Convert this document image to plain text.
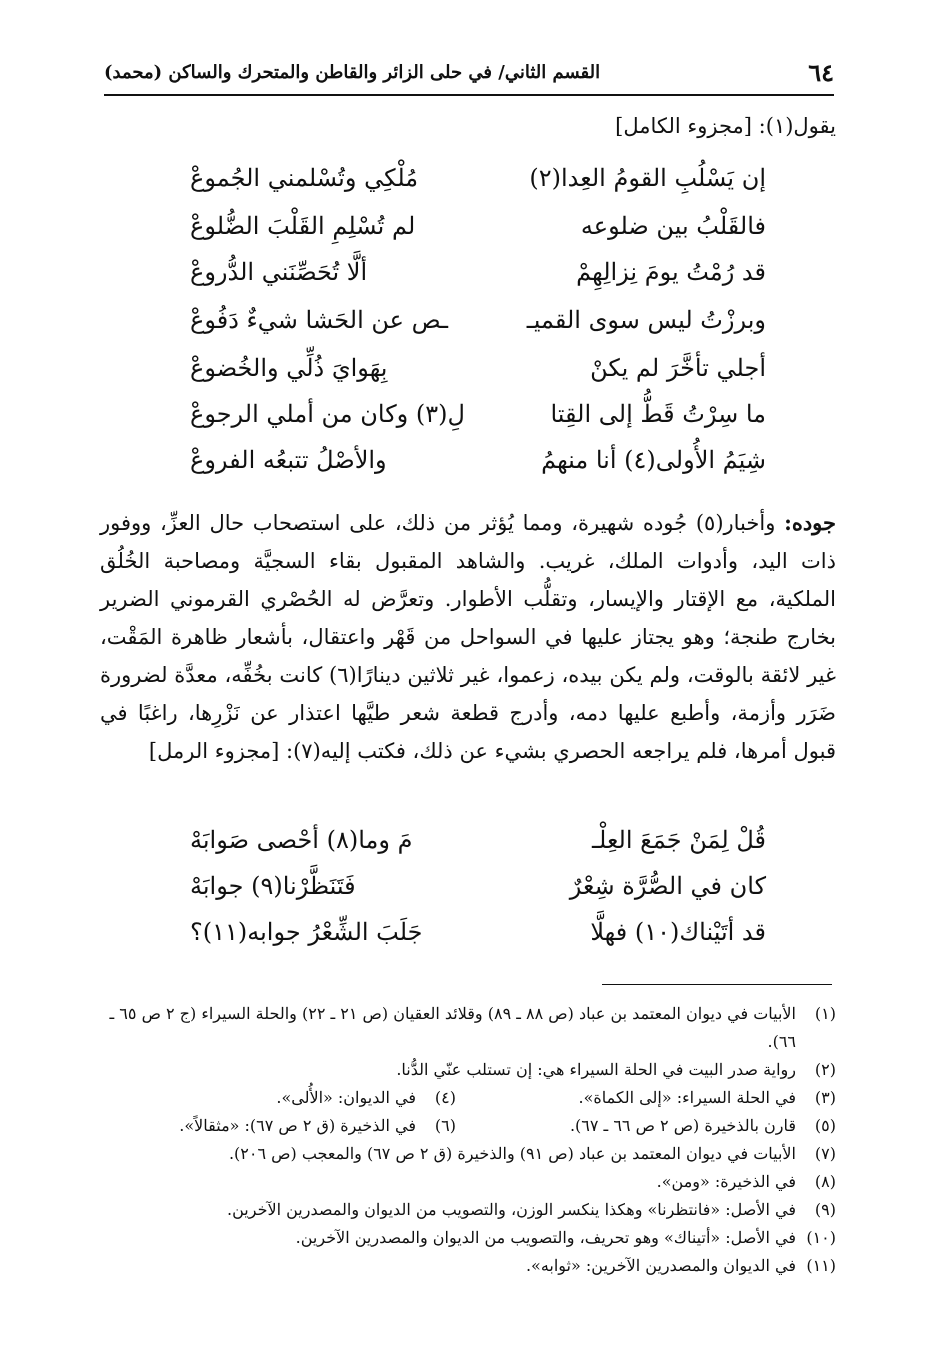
٦٤
القسم الثاني/ في حلى الزائر والقاطن والمتحرك والساكن (محمد)
يقول(١): [مجزوء الكامل]
إن يَسْلُبِ القومُ العِدا(٢)
مُلْكِي وتُسْلمني الجُموعْ
فالقَلْبُ بين ضلوعه
لم تُسْلِمِ القَلْبَ الضُّلوعْ
قد رُمْتُ يومَ نِزالِهِمْ
ألَّا تُحَصِّنَني الدُّروعْ
وبرزْتُ ليس سوى القميـ
ـص عن الحَشا شيءٌ دَفُوعْ
أجلي تأخَّرَ لم يكنْ
بِهَوايَ ذُلِّي والخُضوعْ
ما سِرْتُ قَطُّ إلى القِتا
لِ(٣) وكان من أملي الرجوعْ
شِيَمُ الأُولى(٤) أنا منهمُ
والأصْلُ تتبعُه الفروعْ
جوده: وأخبار(٥) جُوده شهيرة، ومما يُؤثر من ذلك، على استصحاب حال العزِّ، ووفور ذات اليد، وأدوات الملك، غريب. والشاهد المقبول بقاء السجيَّة ومصاحبة الخُلُق الملكية، مع الإقتار والإيسار، وتقلُّب الأطوار. وتعرَّض له الحُصْري القرموني الضرير بخارج طنجة؛ وهو يجتاز عليها في السواحل من قَهْر واعتقال، بأشعار ظاهرة المَقْت، غير لائقة بالوقت، ولم يكن بيده، زعموا، غير ثلاثين دينارًا(٦) كانت بخُفِّه، معدَّة لضرورة ضَرَر وأزمة، وأطبع عليها دمه، وأدرج قطعة شعر طيَّها اعتذار عن نَزْرِها، راغبًا في قبول أمرها، فلم يراجعه الحصري بشيء عن ذلك، فكتب إليه(٧): [مجزوء الرمل]
قُلْ لِمَنْ جَمَعَ العِلْـ
مَ وما(٨) أحْصى صَوابَهْ
كان في الصُّرَّة شِعْرٌ
فَتَنَظَّرْنا(٩) جوابَهْ
قد أتَيْناك(١٠) فهلَّا
جَلَبَ الشِّعْرُ جوابه(١١)؟
(١)
الأبيات في ديوان المعتمد بن عباد (ص ٨٨ ـ ٨٩) وقلائد العقيان (ص ٢١ ـ ٢٢) والحلة السيراء (ج ٢ ص ٦٥ ـ ٦٦).
(٢)
رواية صدر البيت في الحلة السيراء هي: إن تستلب عنّي الدُّنا.
(٣)في الحلة السيراء: «إلى الكماة».
(٤)في الديوان: «الأُلى».
(٥)قارن بالذخيرة (ص ٢ ص ٦٦ ـ ٦٧).
(٦)في الذخيرة (ق ٢ ص ٦٧): «مثقالاً».
(٧)
الأبيات في ديوان المعتمد بن عباد (ص ٩١) والذخيرة (ق ٢ ص ٦٧) والمعجب (ص ٢٠٦).
(٨)
في الذخيرة: «ومن».
(٩)
في الأصل: «فانتظرنا» وهكذا ينكسر الوزن، والتصويب من الديوان والمصدرين الآخرين.
(١٠)
في الأصل: «أتيناك» وهو تحريف، والتصويب من الديوان والمصدرين الآخرين.
(١١)
في الديوان والمصدرين الآخرين: «ثوابه».
